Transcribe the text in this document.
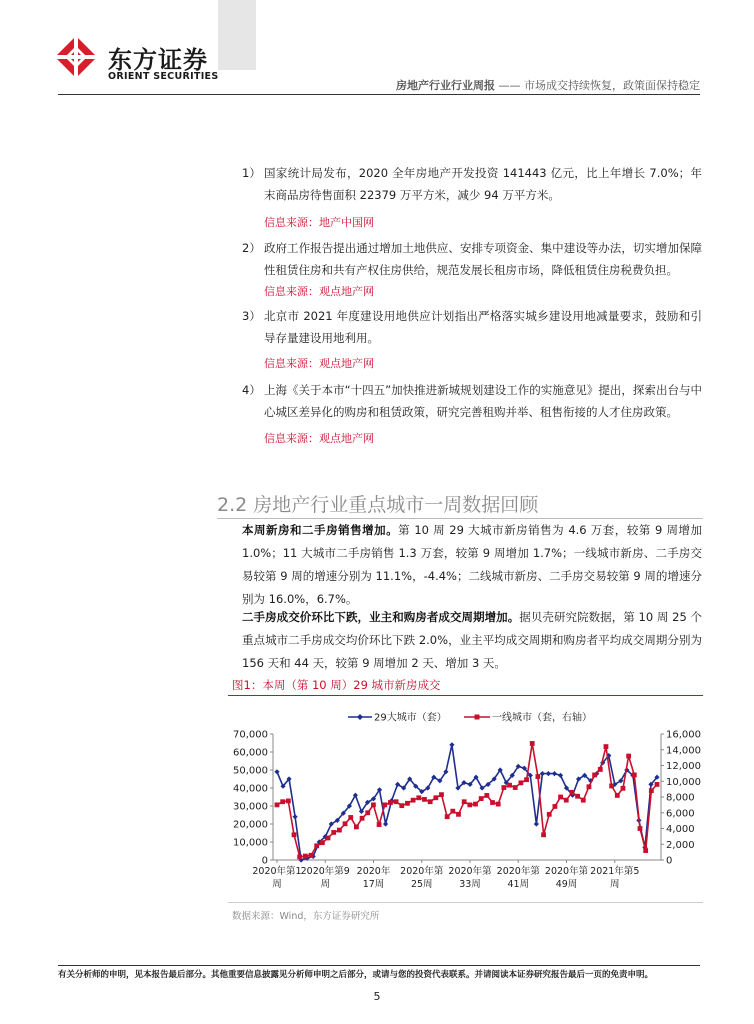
东方证券
ORIENT SECURITIES
房地产行业行业周报 —— 市场成交持续恢复，政策面保持稳定
1） 国家统计局发布，2020 全年房地产开发投资 141443 亿元，比上年增长 7.0%；年末商品房待售面积 22379 万平方米，减少 94 万平方米。
信息来源：地产中国网
2） 政府工作报告提出通过增加土地供应、安排专项资金、集中建设等办法，切实增加保障性租赁住房和共有产权住房供给，规范发展长租房市场，降低租赁住房税费负担。
信息来源：观点地产网
3） 北京市 2021 年度建设用地供应计划指出严格落实城乡建设用地减量要求，鼓励和引导存量建设用地利用。
信息来源：观点地产网
4） 上海《关于本市“十四五”加快推进新城规划建设工作的实施意见》提出，探索出台与中心城区差异化的购房和租赁政策，研究完善租购并举、租售衔接的人才住房政策。
信息来源：观点地产网
2.2 房地产行业重点城市一周数据回顾
本周新房和二手房销售增加。第 10 周 29 大城市新房销售为 4.6 万套，较第 9 周增加 1.0%；11 大城市二手房销售 1.3 万套，较第 9 周增加 1.7%；一线城市新房、二手房交易较第 9 周的增速分别为 11.1%，-4.4%；二线城市新房、二手房交易较第 9 周的增速分别为 16.0%，6.7%。
二手房成交价环比下跌，业主和购房者成交周期增加。据贝壳研究院数据，第 10 周 25 个重点城市二手房成交均价环比下跌 2.0%，业主平均成交周期和购房者平均成交周期分别为 156 天和 44 天，较第 9 周增加 2 天、增加 3 天。
图1：本周（第 10 周）29 城市新房成交
0
10,000
20,000
30,000
40,000
50,000
60,000
70,000
0
2,000
4,000
6,000
8,000
10,000
12,000
14,000
16,000
2020年第1
周
2020年第9
周
2020年
17周
2020年第
25周
2020年第
33周
2020年第
41周
2020年第
49周
2021年第5
周
29大城市（套）	一线城市（套，右轴）
数据来源：Wind，东方证券研究所
有关分析师的申明，见本报告最后部分。其他重要信息披露见分析师申明之后部分，或请与您的投资代表联系。并请阅读本证券研究报告最后一页的免责申明。
5
